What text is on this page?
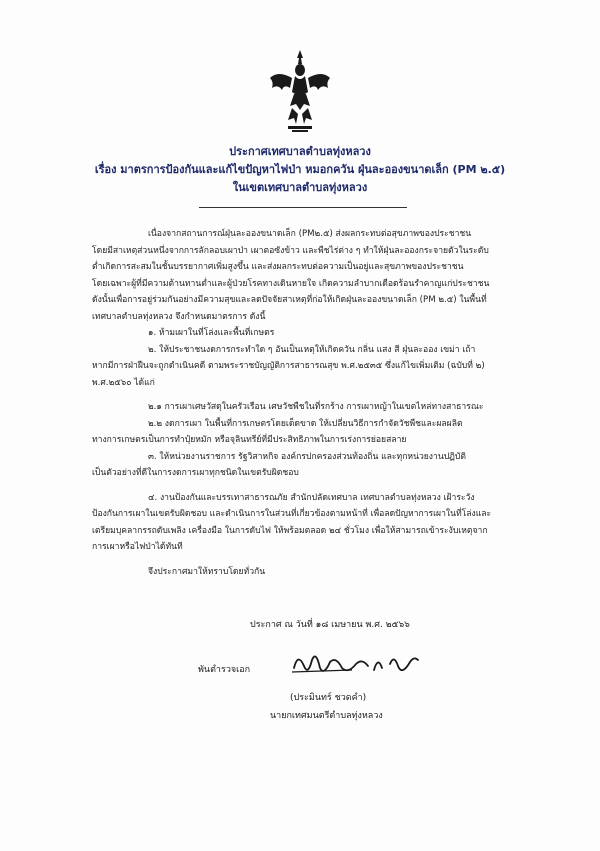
ประกาศเทศบาลตำบลทุ่งหลวง
เรื่อง มาตรการป้องกันและแก้ไขปัญหาไฟป่า หมอกควัน ฝุ่นละอองขนาดเล็ก (PM ๒.๕)
ในเขตเทศบาลตำบลทุ่งหลวง
เนื่องจากสถานการณ์ฝุ่นละอองขนาดเล็ก (PM๒.๕) ส่งผลกระทบต่อสุขภาพของประชาชน
โดยมีสาเหตุส่วนหนึ่งจากการลักลอบเผาป่า เผาตอซังข้าว และพืชไร่ต่าง ๆ ทำให้ฝุ่นละอองกระจายตัวในระดับ
ต่ำเกิดการสะสมในชั้นบรรยากาศเพิ่มสูงขึ้น และส่งผลกระทบต่อความเป็นอยู่และสุขภาพของประชาชน
โดยเฉพาะผู้ที่มีความต้านทานต่ำและผู้ป่วยโรคทางเดินหายใจ เกิดความลำบากเดือดร้อนรำคาญแก่ประชาชน
ดังนั้นเพื่อการอยู่ร่วมกันอย่างมีความสุขและลดปัจจัยสาเหตุที่ก่อให้เกิดฝุ่นละอองขนาดเล็ก (PM ๒.๕) ในพื้นที่
เทศบาลตำบลทุ่งหลวง จึงกำหนดมาตรการ ดังนี้
๑. ห้ามเผาในที่โล่งและพื้นที่เกษตร
๒. ให้ประชาชนงดการกระทำใด ๆ อันเป็นเหตุให้เกิดควัน กลิ่น แสง สี ฝุ่นละออง เขม่า เถ้า
หากมีการฝ่าฝืนจะถูกดำเนินคดี ตามพระราชบัญญัติการสาธารณสุข พ.ศ.๒๕๓๕ ซึ่งแก้ไขเพิ่มเติม (ฉบับที่ ๒)
พ.ศ.๒๕๖๐ ได้แก่
๒.๑ การเผาเศษวัสดุในครัวเรือน เศษวัชพืชในที่รกร้าง การเผาหญ้าในเขตไหล่ทางสาธารณะ
๒.๒ งดการเผา ในพื้นที่การเกษตรโดยเด็ดขาด ให้เปลี่ยนวิธีการกำจัดวัชพืชและผลผลิต
ทางการเกษตรเป็นการทำปุ๋ยหมัก หรือจุลินทรีย์ที่มีประสิทธิภาพในการเร่งการย่อยสลาย
๓. ให้หน่วยงานราชการ รัฐวิสาหกิจ องค์กรปกครองส่วนท้องถิ่น และทุกหน่วยงานปฏิบัติ
เป็นตัวอย่างที่ดีในการงดการเผาทุกชนิดในเขตรับผิดชอบ
๔. งานป้องกันและบรรเทาสาธารณภัย สำนักปลัดเทศบาล เทศบาลตำบลทุ่งหลวง เฝ้าระวัง
ป้องกันการเผาในเขตรับผิดชอบ และดำเนินการในส่วนที่เกี่ยวข้องตามหน้าที่ เพื่อลดปัญหาการเผาในที่โล่งและ
เตรียมบุคลากรรถดับเพลิง เครื่องมือ ในการดับไฟ ให้พร้อมตลอด ๒๔ ชั่วโมง เพื่อให้สามารถเข้าระงับเหตุจาก
การเผาหรือไฟป่าได้ทันที
จึงประกาศมาให้ทราบโดยทั่วกัน
ประกาศ ณ วันที่ ๑๘ เมษายน พ.ศ. ๒๕๖๖
พันตำรวจเอก
(ประมินทร์ ชวดคำ)
นายกเทศมนตรีตำบลทุ่งหลวง
